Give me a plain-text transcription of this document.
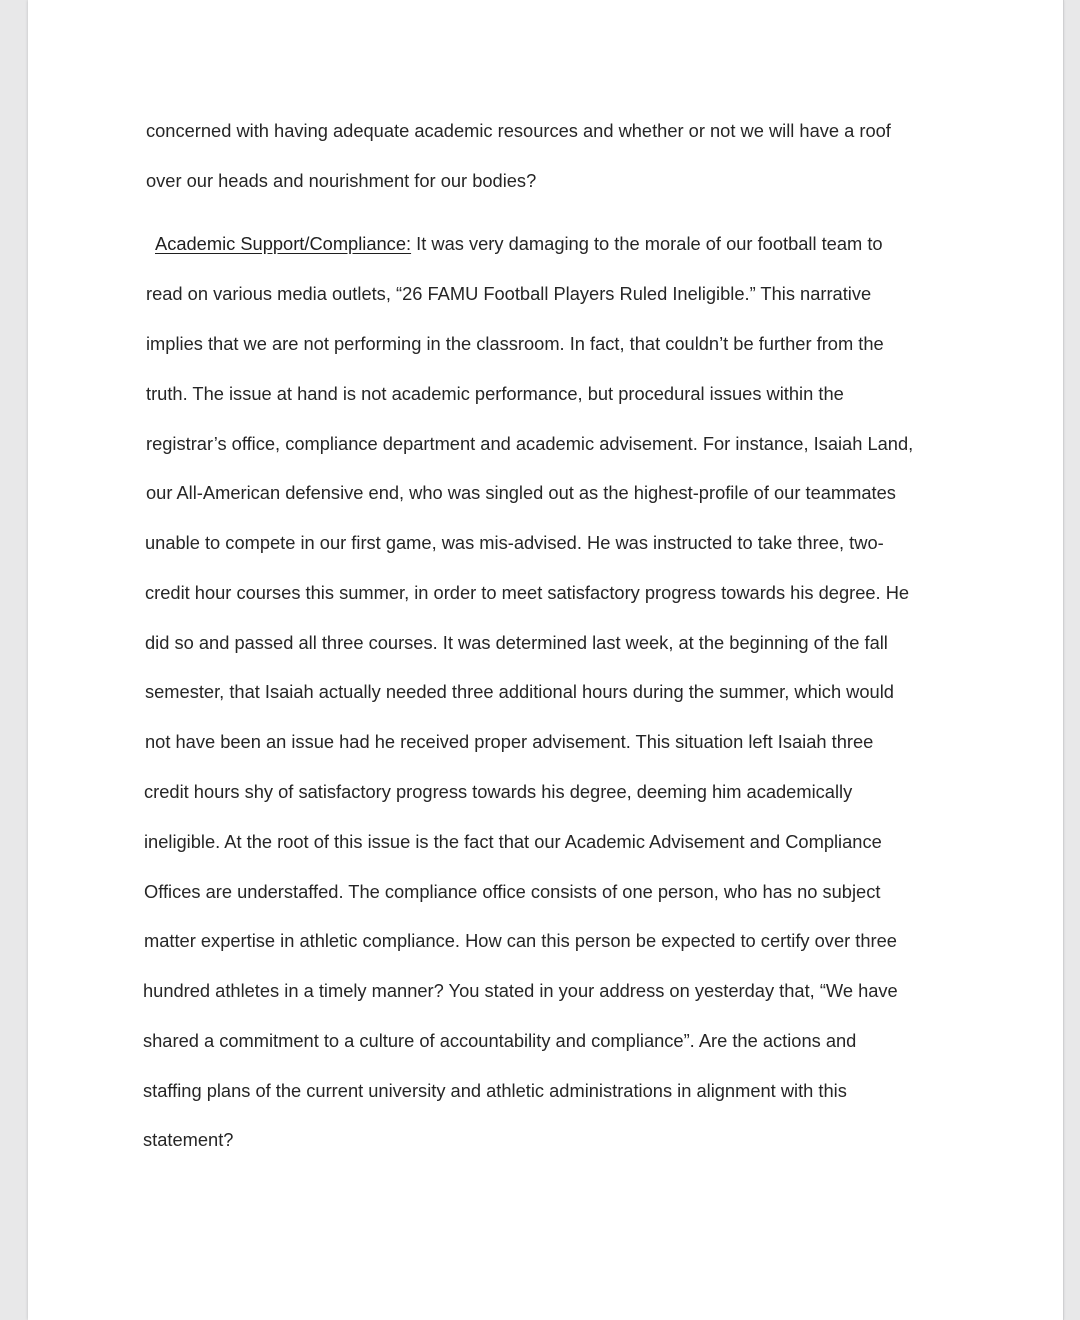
concerned with having adequate academic resources and whether or not we will have a roof
over our heads and nourishment for our bodies?
Academic Support/Compliance: It was very damaging to the morale of our football team to
read on various media outlets, “26 FAMU Football Players Ruled Ineligible.” This narrative
implies that we are not performing in the classroom. In fact, that couldn’t be further from the
truth. The issue at hand is not academic performance, but procedural issues within the
registrar’s office, compliance department and academic advisement. For instance, Isaiah Land,
our All-American defensive end, who was singled out as the highest-profile of our teammates
unable to compete in our first game, was mis-advised. He was instructed to take three, two-
credit hour courses this summer, in order to meet satisfactory progress towards his degree. He
did so and passed all three courses. It was determined last week, at the beginning of the fall
semester, that Isaiah actually needed three additional hours during the summer, which would
not have been an issue had he received proper advisement. This situation left Isaiah three
credit hours shy of satisfactory progress towards his degree, deeming him academically
ineligible. At the root of this issue is the fact that our Academic Advisement and Compliance
Offices are understaffed. The compliance office consists of one person, who has no subject
matter expertise in athletic compliance. How can this person be expected to certify over three
hundred athletes in a timely manner? You stated in your address on yesterday that, “We have
shared a commitment to a culture of accountability and compliance”. Are the actions and
staffing plans of the current university and athletic administrations in alignment with this
statement?
